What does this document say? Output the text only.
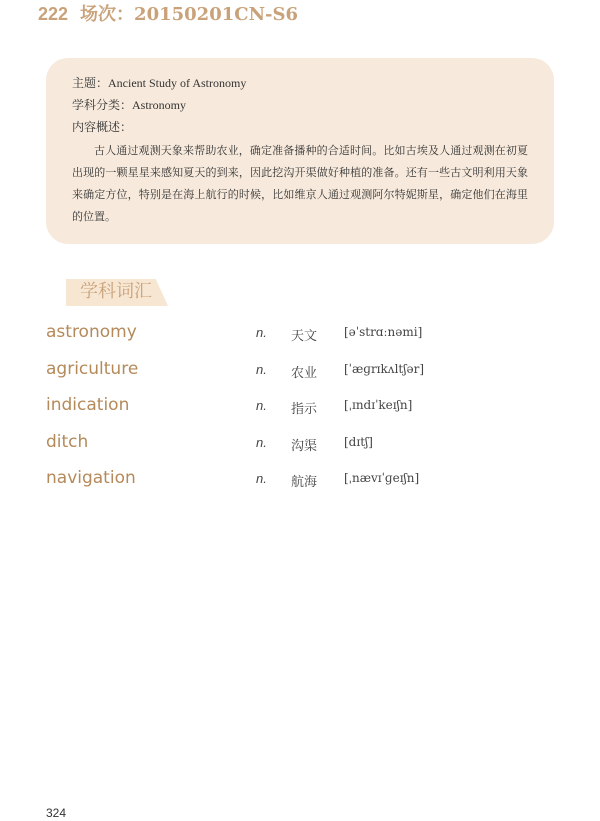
222 场次：20150201CN-S6
主题：Ancient Study of Astronomy
学科分类：Astronomy
内容概述：

古人通过观测天象来帮助农业，确定准备播种的合适时间。比如古埃及人通过观测在初夏出现的一颗星星来感知夏天的到来，因此挖沟开渠做好种植的准备。还有一些古文明利用天象来确定方位，特别是在海上航行的时候，比如维京人通过观测阿尔特妮斯星，确定他们在海里的位置。

学科词汇
astronomy	n. 天文 [əˈstrɑːnəmi]
agriculture	n. 农业 [ˈæɡrɪkʌltʃər]
indication	n. 指示 [ˌɪndɪˈkeɪʃn]
ditch	n. 沟渠 [dɪtʃ]
navigation	n. 航海 [ˌnævɪˈɡeɪʃn]
324
